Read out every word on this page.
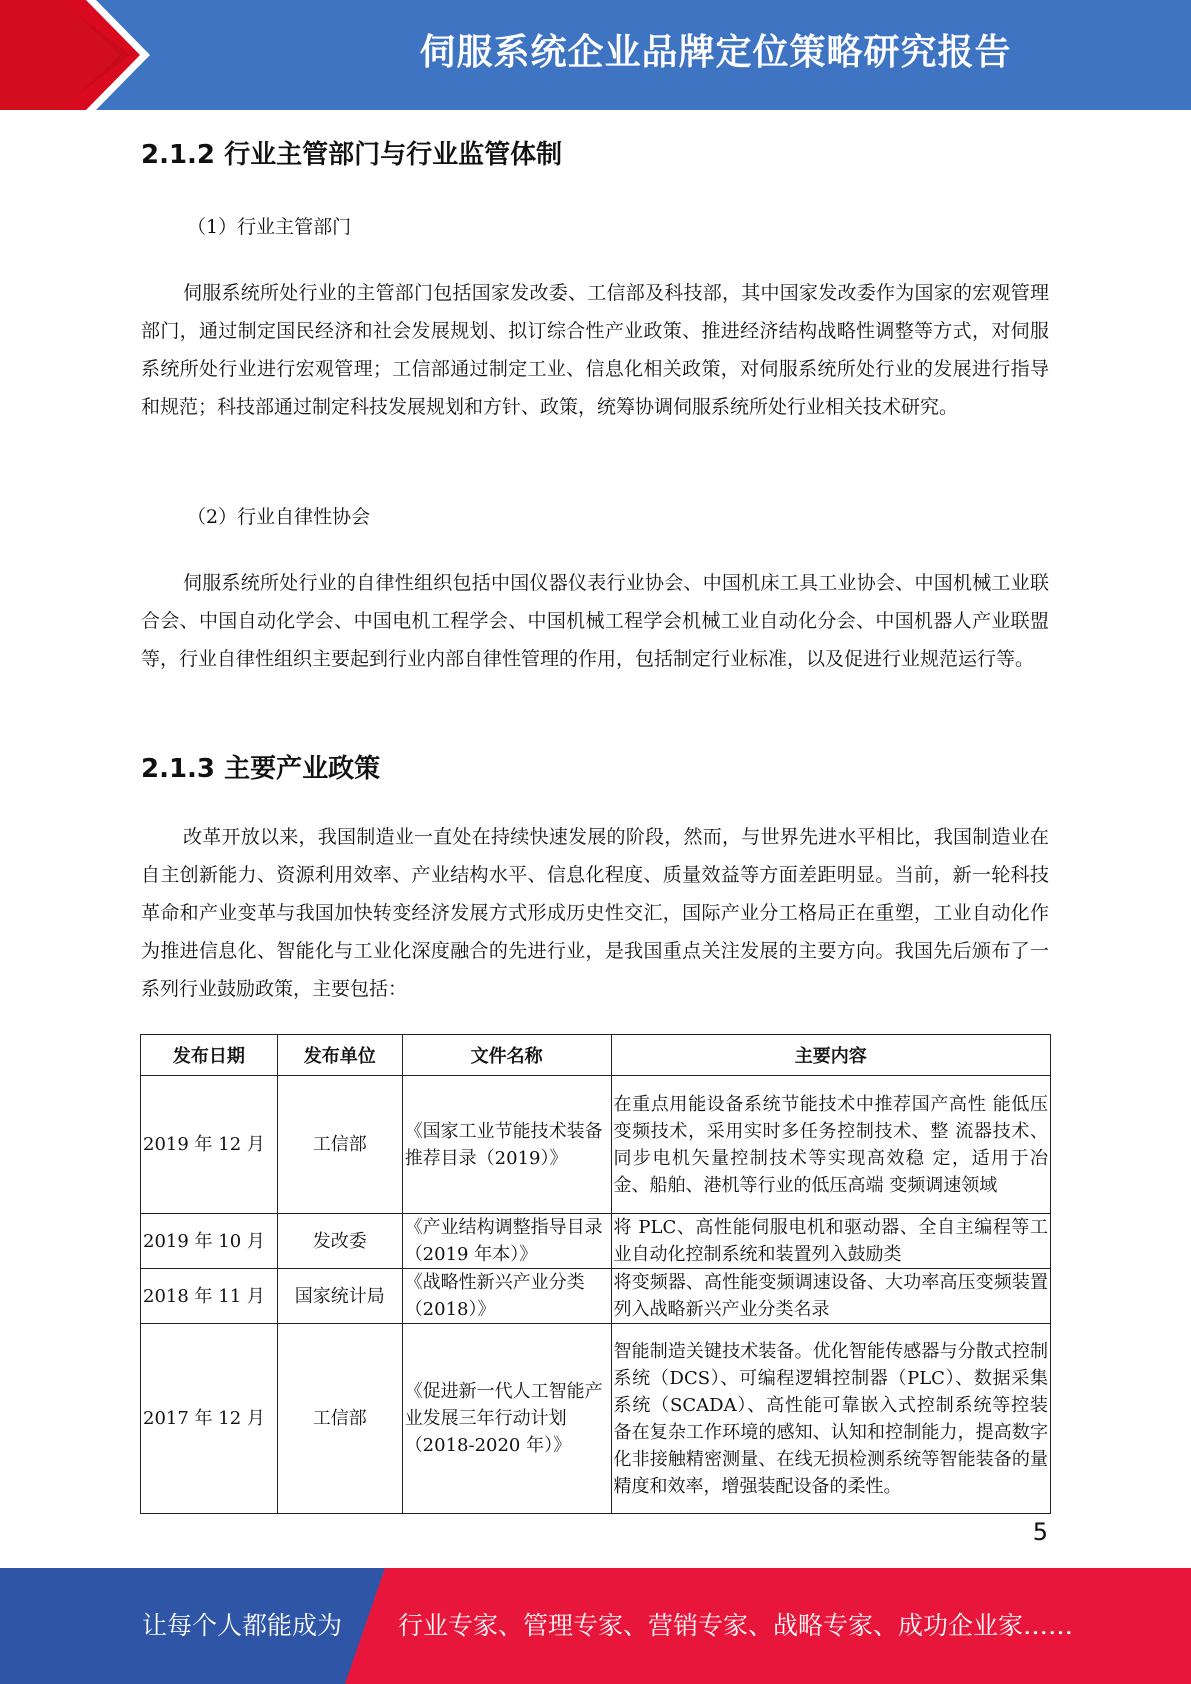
伺服系统企业品牌定位策略研究报告
2.1.2 行业主管部门与行业监管体制
（1）行业主管部门

伺服系统所处行业的主管部门包括国家发改委、工信部及科技部，其中国家发改委作为国家的宏观管理部门，通过制定国民经济和社会发展规划、拟订综合性产业政策、推进经济结构战略性调整等方式，对伺服系统所处行业进行宏观管理；工信部通过制定工业、信息化相关政策，对伺服系统所处行业的发展进行指导和规范；科技部通过制定科技发展规划和方针、政策，统筹协调伺服系统所处行业相关技术研究。

（2）行业自律性协会

伺服系统所处行业的自律性组织包括中国仪器仪表行业协会、中国机床工具工业协会、中国机械工业联合会、中国自动化学会、中国电机工程学会、中国机械工程学会机械工业自动化分会、中国机器人产业联盟等，行业自律性组织主要起到行业内部自律性管理的作用，包括制定行业标准，以及促进行业规范运行等。

2.1.3 主要产业政策

改革开放以来，我国制造业一直处在持续快速发展的阶段，然而，与世界先进水平相比，我国制造业在自主创新能力、资源利用效率、产业结构水平、信息化程度、质量效益等方面差距明显。当前，新一轮科技革命和产业变革与我国加快转变经济发展方式形成历史性交汇，国际产业分工格局正在重塑，工业自动化作为推进信息化、智能化与工业化深度融合的先进行业，是我国重点关注发展的主要方向。我国先后颁布了一系列行业鼓励政策，主要包括：

发布日期	发布单位	文件名称	主要内容
2019 年 12 月	工信部	《国家工业节能技术装备推荐目录（2019）》	在重点用能设备系统节能技术中推荐国产高性 能低压变频技术，采用实时多任务控制技术、整 流器技术、同步电机矢量控制技术等实现高效稳 定，适用于冶金、船舶、港机等行业的低压高端 变频调速领域
2019 年 10 月	发改委	《产业结构调整指导目录（2019 年本）》	将 PLC、高性能伺服电机和驱动器、全自主编程等工业自动化控制系统和装置列入鼓励类
2018 年 11 月	国家统计局	《战略性新兴产业分类（2018）》	将变频器、高性能变频调速设备、大功率高压变频装置列入战略新兴产业分类名录
2017 年 12 月	工信部	《促进新一代人工智能产业发展三年行动计划（2018-2020 年）》	智能制造关键技术装备。优化智能传感器与分散式控制系统（DCS）、可编程逻辑控制器（PLC）、数据采集系统（SCADA）、高性能可靠嵌入式控制系统等控装备在复杂工作环境的感知、认知和控制能力，提高数字化非接触精密测量、在线无损检测系统等智能装备的量精度和效率，增强装配设备的柔性。
5
让每个人都能成为 行业专家、管理专家、营销专家、战略专家、成功企业家……
